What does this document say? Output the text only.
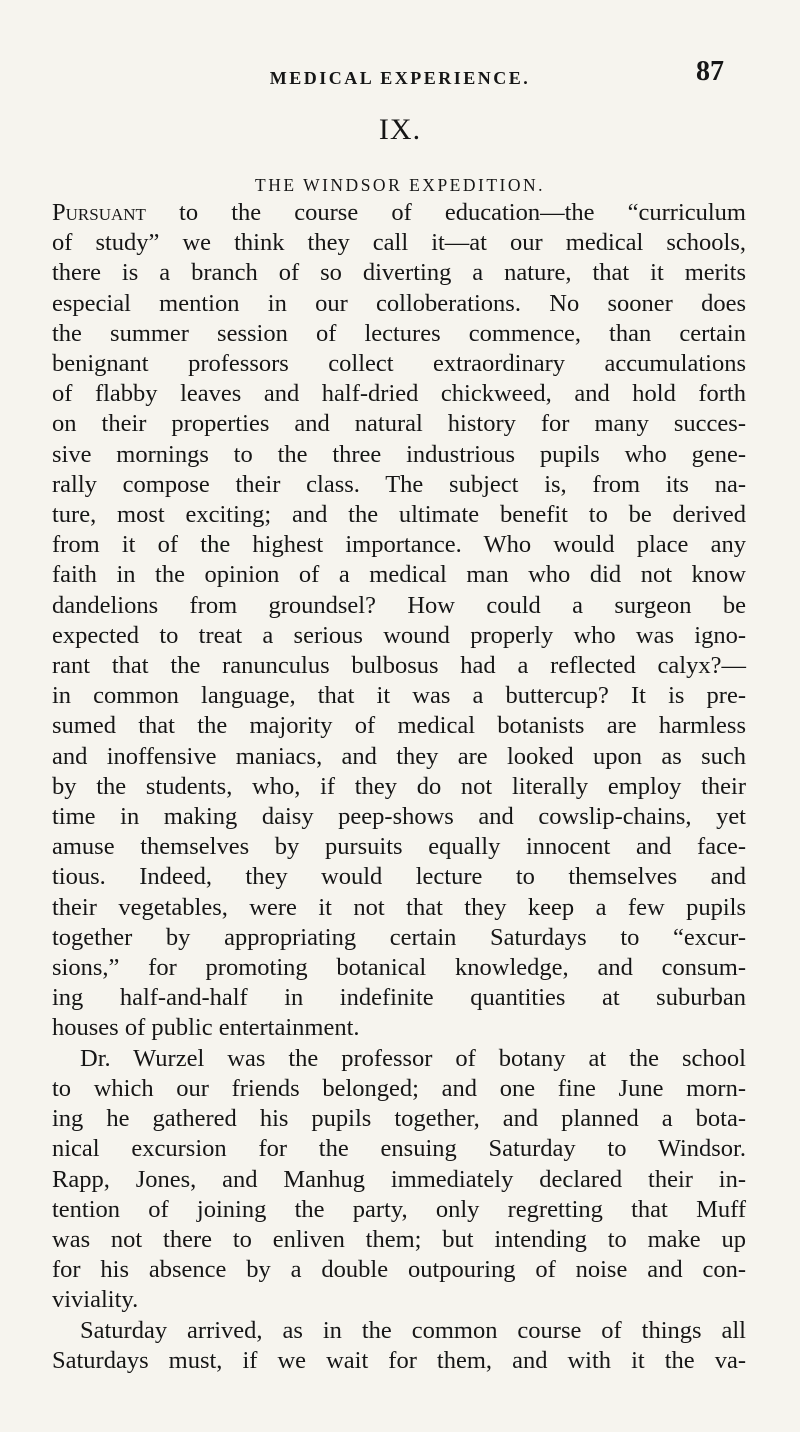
MEDICAL EXPERIENCE.	87
IX.
THE WINDSOR EXPEDITION.
Pursuant to the course of education—the “curriculum
of study” we think they call it—at our medical schools,
there is a branch of so diverting a nature, that it merits
especial mention in our colloberations. No sooner does
the summer session of lectures commence, than certain
benignant professors collect extraordinary accumulations
of flabby leaves and half-dried chickweed, and hold forth
on their properties and natural history for many succes-
sive mornings to the three industrious pupils who gene-
rally compose their class. The subject is, from its na-
ture, most exciting; and the ultimate benefit to be derived
from it of the highest importance. Who would place any
faith in the opinion of a medical man who did not know
dandelions from groundsel? How could a surgeon be
expected to treat a serious wound properly who was igno-
rant that the ranunculus bulbosus had a reflected calyx?—
in common language, that it was a buttercup? It is pre-
sumed that the majority of medical botanists are harmless
and inoffensive maniacs, and they are looked upon as such
by the students, who, if they do not literally employ their
time in making daisy peep-shows and cowslip-chains, yet
amuse themselves by pursuits equally innocent and face-
tious. Indeed, they would lecture to themselves and
their vegetables, were it not that they keep a few pupils
together by appropriating certain Saturdays to “excur-
sions,” for promoting botanical knowledge, and consum-
ing half-and-half in indefinite quantities at suburban
houses of public entertainment.
Dr. Wurzel was the professor of botany at the school
to which our friends belonged; and one fine June morn-
ing he gathered his pupils together, and planned a bota-
nical excursion for the ensuing Saturday to Windsor.
Rapp, Jones, and Manhug immediately declared their in-
tention of joining the party, only regretting that Muff
was not there to enliven them; but intending to make up
for his absence by a double outpouring of noise and con-
viviality.
Saturday arrived, as in the common course of things all
Saturdays must, if we wait for them, and with it the va-
